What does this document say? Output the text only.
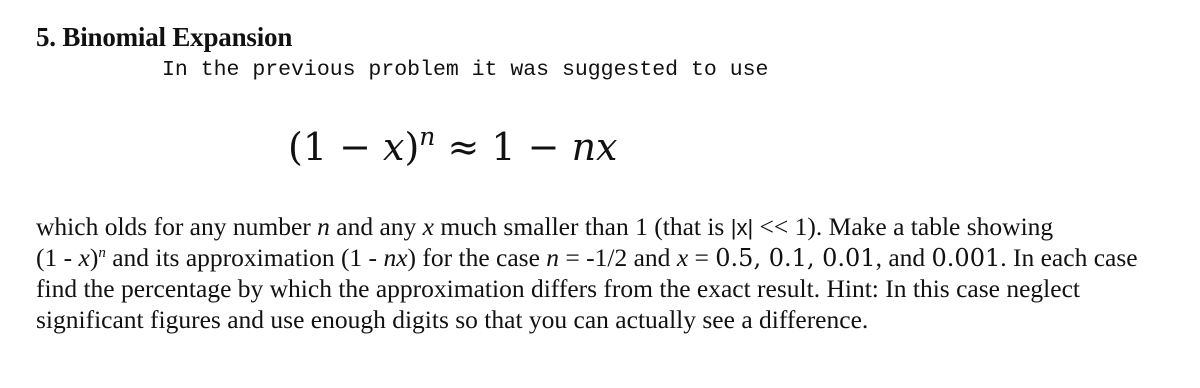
5. Binomial Expansion
In the previous problem it was suggested to use
$(1 - x)^n \approx 1$ − nx
which olds for any number n and any x much smaller than 1 (that is |x| << 1). Make a table showing
(1 - x)$^n$ and its approximation (1 - nx) for the case n = -1/2 and x = 0.5, 0.1, 0.01, and 0.001. In each case
find the percentage by which the approximation differs from the exact result. Hint: In this case neglect
significant figures and use enough digits so that you can actually see a difference.
